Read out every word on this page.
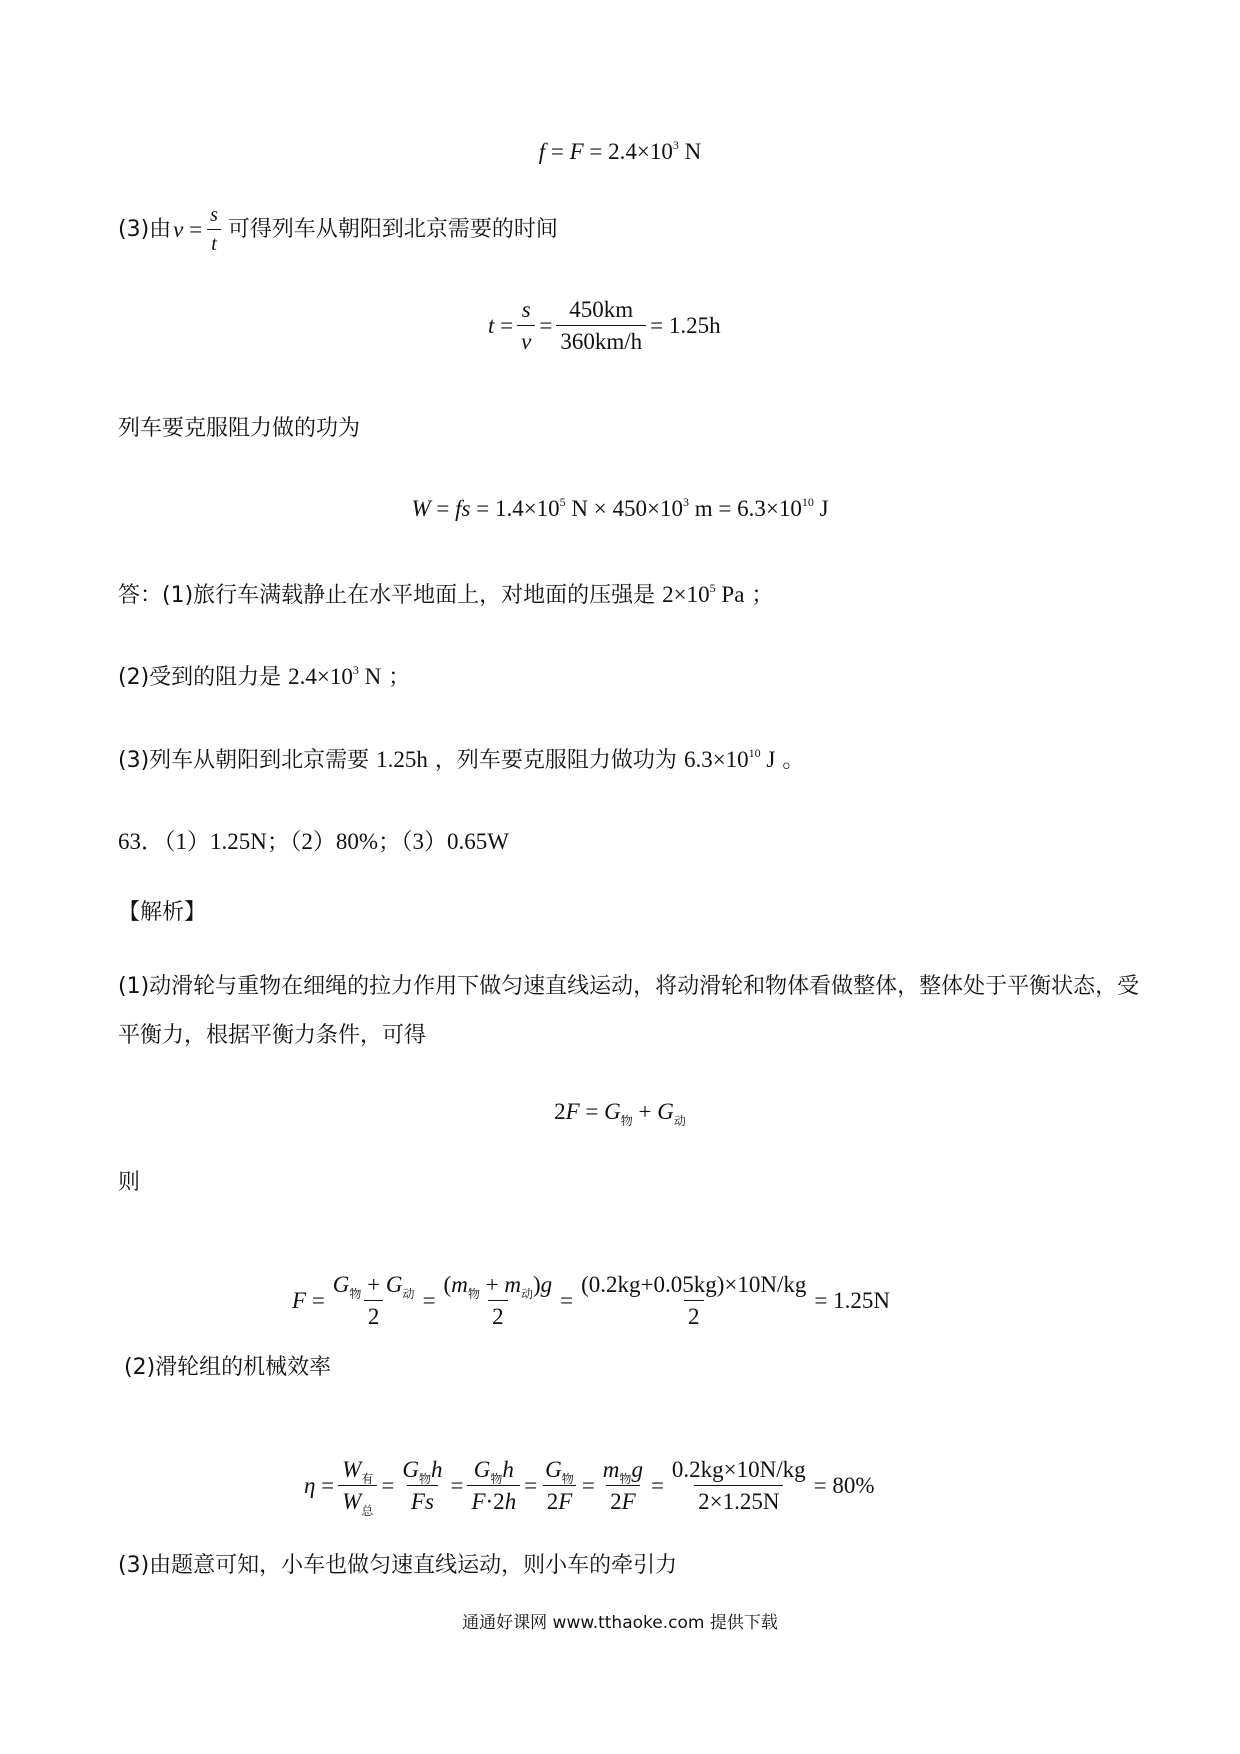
$f = F = 2.4\times 10^3$ N
(3)由 $v = \frac{s}{t}$ 可得列车从朝阳到北京需要的时间
$t = \frac{s}{v} = \frac{450km}{360km/h} = 1.25h$
列车要克服阻力做的功为
W = fs = $1.4\times 10^5$ $N \times 450\times 10^3$ $m = 6.3\times 10^{10}$ J
答：(1)旅行车满载静止在水平地面上，对地面的压强是 $2\times 10^5$ Pa ；
(2)受到的阻力是 $2.4\times 10^3$ N ；
(3)列车从朝阳到北京需要 1.25h ，列车要克服阻力做功为 $6.3\times 10^{10}$ J 。
63．（1）1.25N；（2）80%；（3）0.65W
【解析】
(1)动滑轮与重物在细绳的拉力作用下做匀速直线运动，将动滑轮和物体看做整体，整体处于平衡状态，受
平衡力，根据平衡力条件，可得
$2F = G_物 + G_动$
则
$F = \frac{G_物 + G_动}{2} = \frac{(m_物 + m_动)g}{2} = \frac{(0.2kg+0.05kg)\times 10N/kg}{2} = 1.25N$
(2)滑轮组的机械效率
$\eta = \frac{W_有}{W_总} = \frac{G_物h}{Fs} = \frac{G_物h}{F\cdot 2h} = \frac{G_物}{2F} = \frac{m_物g}{2F} = \frac{0.2kg\times 10N/kg}{2\times 1.25N} = 80\%$
(3)由题意可知，小车也做匀速直线运动，则小车的牵引力
通通好课网 www.tthaoke.com 提供下载
